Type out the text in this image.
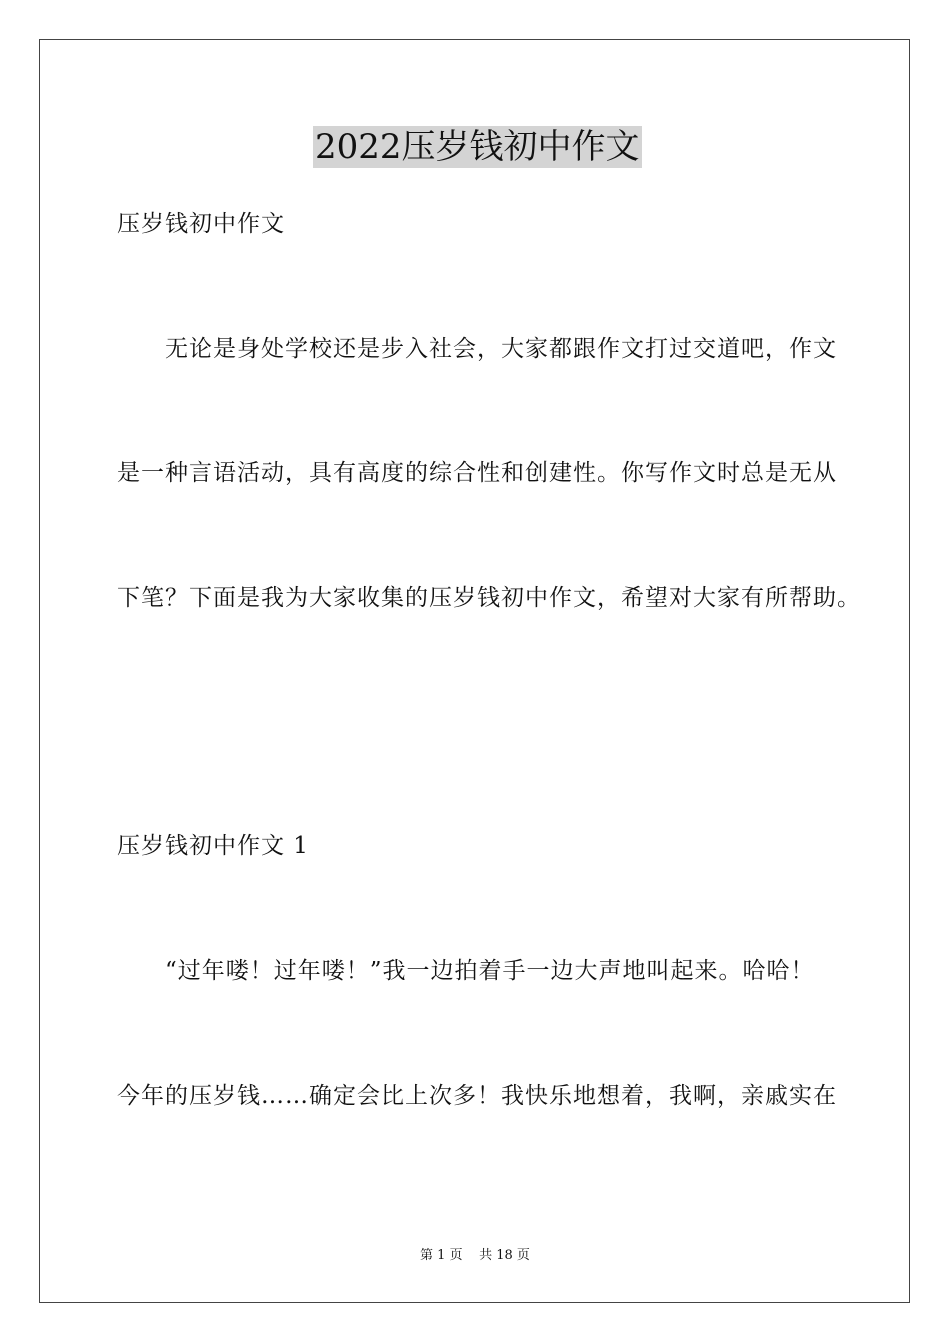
2022压岁钱初中作文
压岁钱初中作文
无论是身处学校还是步入社会，大家都跟作文打过交道吧，作文
是一种言语活动，具有高度的综合性和创建性。你写作文时总是无从
下笔？下面是我为大家收集的压岁钱初中作文，希望对大家有所帮助。
压岁钱初中作文 1
“过年喽！过年喽！”我一边拍着手一边大声地叫起来。哈哈！
今年的压岁钱……确定会比上次多！我快乐地想着，我啊，亲戚实在
第 1 页 共 18 页
